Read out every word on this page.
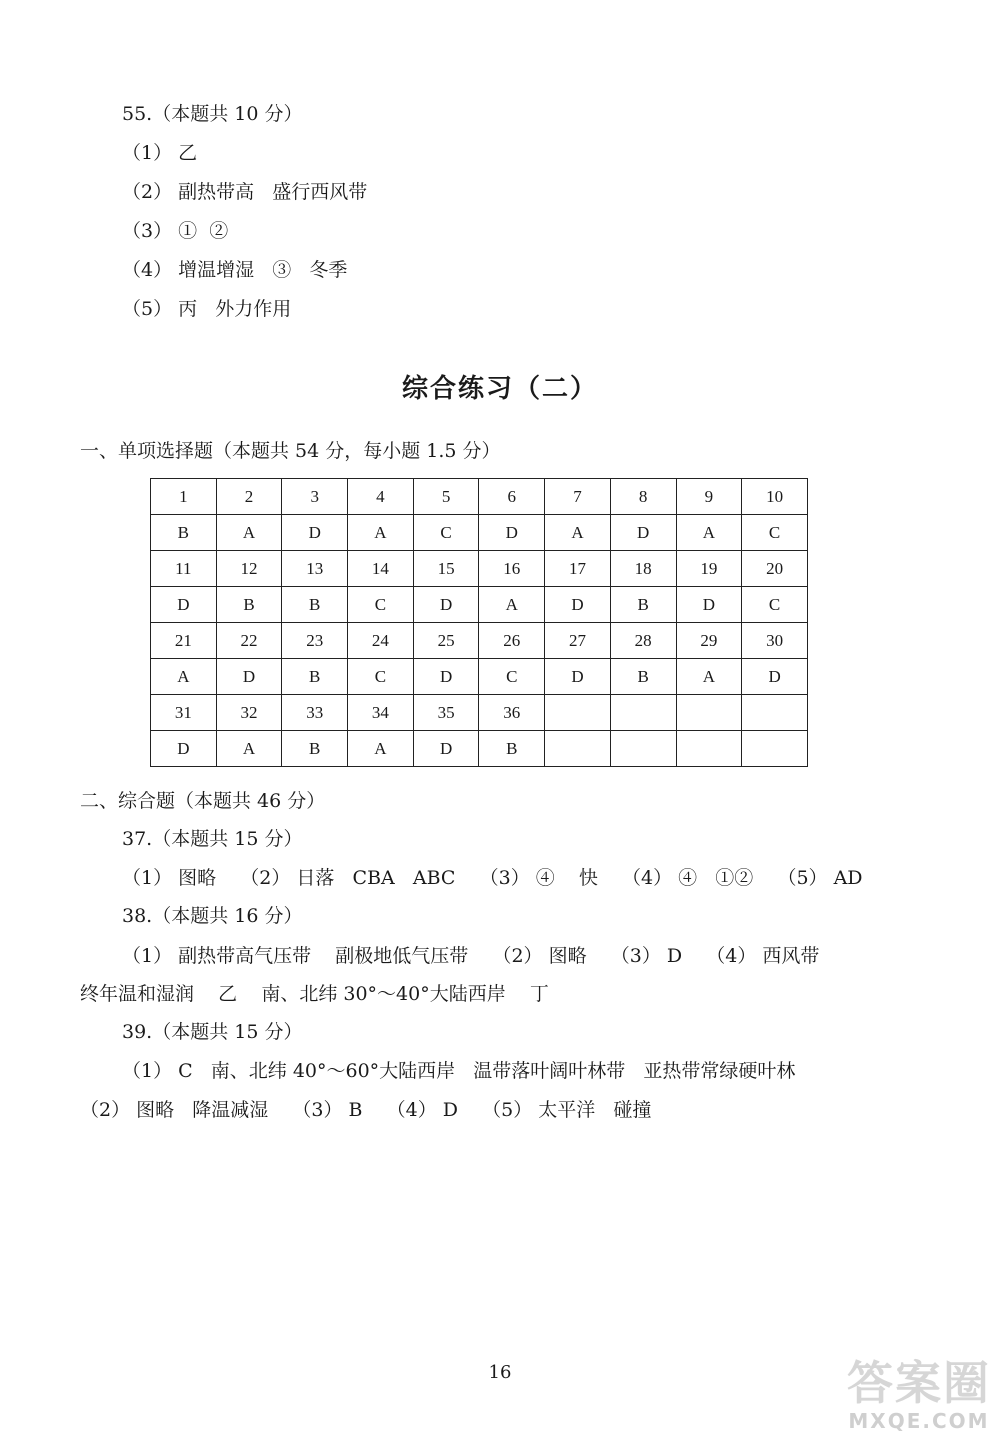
55.（本题共 10 分）
（1） 乙
（2） 副热带高   盛行西风带
（3） ①  ②
（4） 增温增湿   ③   冬季
（5） 丙   外力作用
综合练习（二）
一、单项选择题（本题共 54 分，每小题 1.5 分）
1	2	3	4	5	6	7	8	9	10
B	A	D	A	C	D	A	D	A	C
11	12	13	14	15	16	17	18	19	20
D	B	B	C	D	A	D	B	D	C
21	22	23	24	25	26	27	28	29	30
A	D	B	C	D	C	D	B	A	D
31	32	33	34	35	36				
D	A	B	A	D	B				
二、综合题（本题共 46 分）
37.（本题共 15 分）
（1） 图略    （2） 日落   CBA   ABC    （3） ④    快    （4） ④   ①②    （5） AD
38.（本题共 16 分）
（1） 副热带高气压带    副极地低气压带    （2） 图略    （3） D    （4） 西风带
终年温和湿润    乙    南、北纬 30°～40°大陆西岸    丁
39.（本题共 15 分）
（1） C   南、北纬 40°～60°大陆西岸   温带落叶阔叶林带   亚热带常绿硬叶林
（2） 图略   降温减湿    （3） B    （4） D    （5） 太平洋   碰撞
16	答案圈
MXQE.COM
